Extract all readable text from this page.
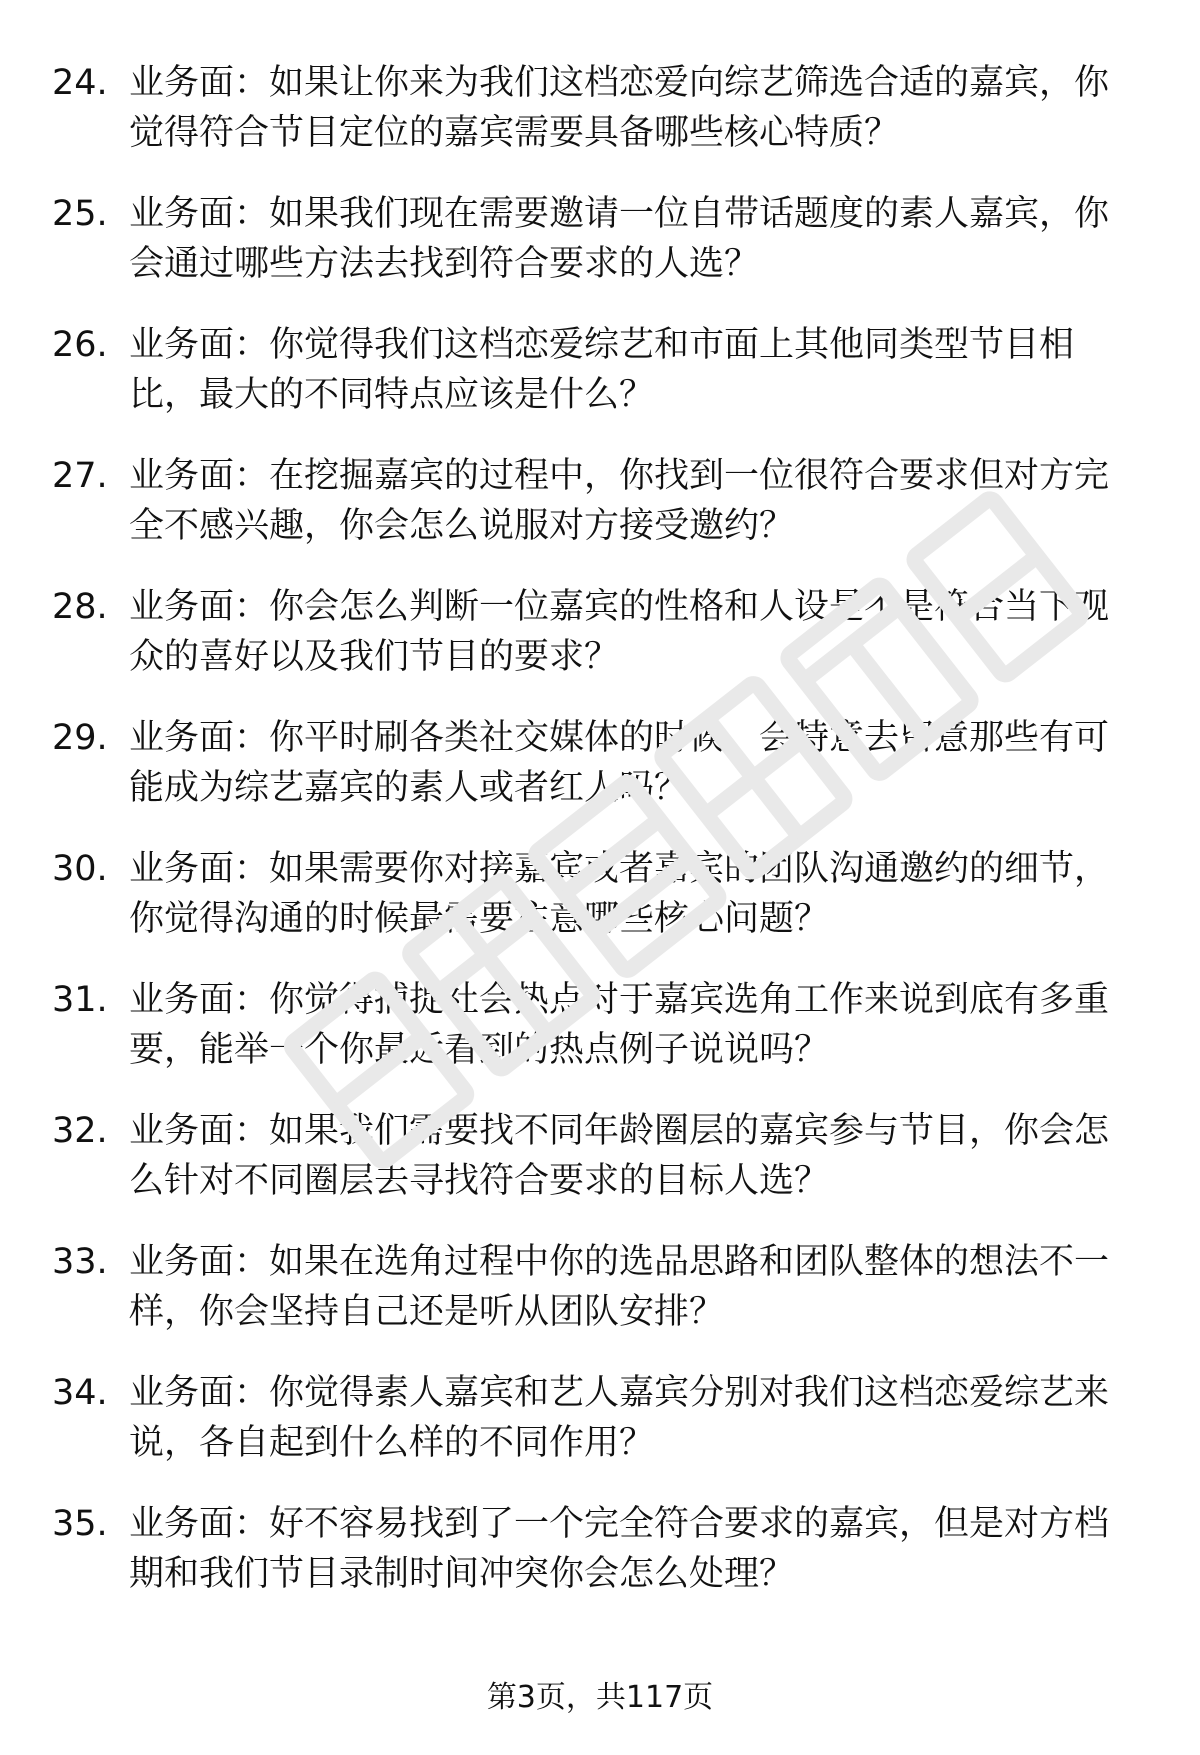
24. 业务面：如果让你来为我们这档恋爱向综艺筛选合适的嘉宾，你
觉得符合节目定位的嘉宾需要具备哪些核心特质？
25. 业务面：如果我们现在需要邀请一位自带话题度的素人嘉宾，你
会通过哪些方法去找到符合要求的人选？
26. 业务面：你觉得我们这档恋爱综艺和市面上其他同类型节目相
比，最大的不同特点应该是什么？
27. 业务面：在挖掘嘉宾的过程中，你找到一位很符合要求但对方完
全不感兴趣，你会怎么说服对方接受邀约？
28. 业务面：你会怎么判断一位嘉宾的性格和人设是不是符合当下观
众的喜好以及我们节目的要求？
29. 业务面：你平时刷各类社交媒体的时候，会特意去留意那些有可
能成为综艺嘉宾的素人或者红人吗？
30. 业务面：如果需要你对接嘉宾或者嘉宾的团队沟通邀约的细节，
你觉得沟通的时候最需要注意哪些核心问题？
31. 业务面：你觉得捕捉社会热点对于嘉宾选角工作来说到底有多重
要，能举一个你最近看到的热点例子说说吗？
32. 业务面：如果我们需要找不同年龄圈层的嘉宾参与节目，你会怎
么针对不同圈层去寻找符合要求的目标人选？
33. 业务面：如果在选角过程中你的选品思路和团队整体的想法不一
样，你会坚持自己还是听从团队安排？
34. 业务面：你觉得素人嘉宾和艺人嘉宾分别对我们这档恋爱综艺来
说，各自起到什么样的不同作用？
35. 业务面：好不容易找到了一个完全符合要求的嘉宾，但是对方档
期和我们节目录制时间冲突你会怎么处理？
第3页，共117页
